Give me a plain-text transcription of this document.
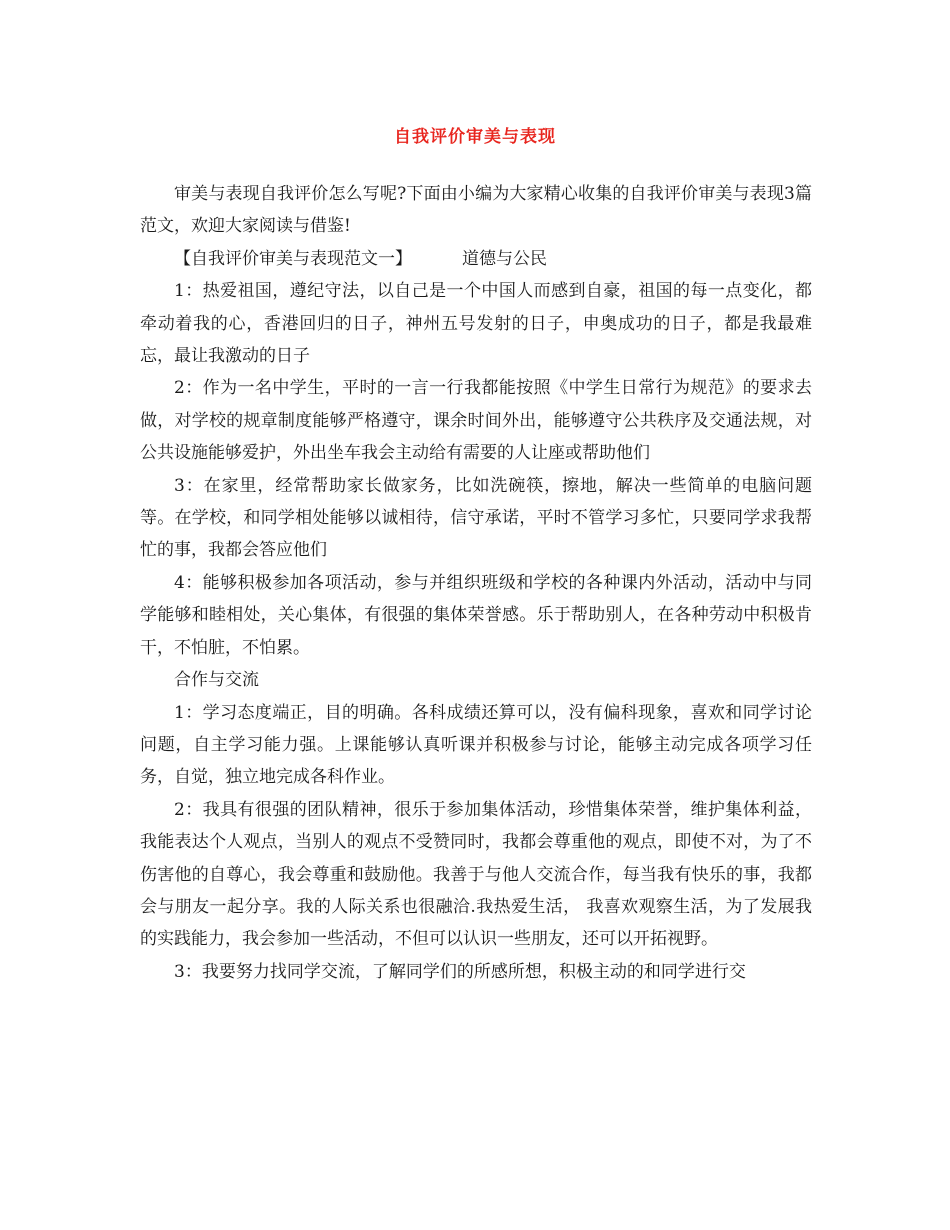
自我评价审美与表现

审美与表现自我评价怎么写呢?下面由小编为大家精心收集的自我评价审美与表现3篇范文，欢迎大家阅读与借鉴!

【自我评价审美与表现范文一】	道德与公民

1：热爱祖国，遵纪守法，以自己是一个中国人而感到自豪，祖国的每一点变化，都牵动着我的心，香港回归的日子，神州五号发射的日子，申奥成功的日子，都是我最难忘，最让我激动的日子

2：作为一名中学生，平时的一言一行我都能按照《中学生日常行为规范》的要求去做，对学校的规章制度能够严格遵守，课余时间外出，能够遵守公共秩序及交通法规，对公共设施能够爱护，外出坐车我会主动给有需要的人让座或帮助他们

3：在家里，经常帮助家长做家务，比如洗碗筷，擦地，解决一些简单的电脑问题等。在学校，和同学相处能够以诚相待，信守承诺，平时不管学习多忙，只要同学求我帮忙的事，我都会答应他们

4：能够积极参加各项活动，参与并组织班级和学校的各种课内外活动，活动中与同学能够和睦相处，关心集体，有很强的集体荣誉感。乐于帮助别人，在各种劳动中积极肯干，不怕脏，不怕累。

合作与交流

1：学习态度端正，目的明确。各科成绩还算可以，没有偏科现象，喜欢和同学讨论问题，自主学习能力强。上课能够认真听课并积极参与讨论，能够主动完成各项学习任务，自觉，独立地完成各科作业。

2：我具有很强的团队精神，很乐于参加集体活动，珍惜集体荣誉，维护集体利益，我能表达个人观点，当别人的观点不受赞同时，我都会尊重他的观点，即使不对，为了不伤害他的自尊心，我会尊重和鼓励他。我善于与他人交流合作，每当我有快乐的事，我都会与朋友一起分享。我的人际关系也很融洽.我热爱生活， 我喜欢观察生活，为了发展我的实践能力，我会参加一些活动，不但可以认识一些朋友，还可以开拓视野。

3：我要努力找同学交流，了解同学们的所感所想，积极主动的和同学进行交
